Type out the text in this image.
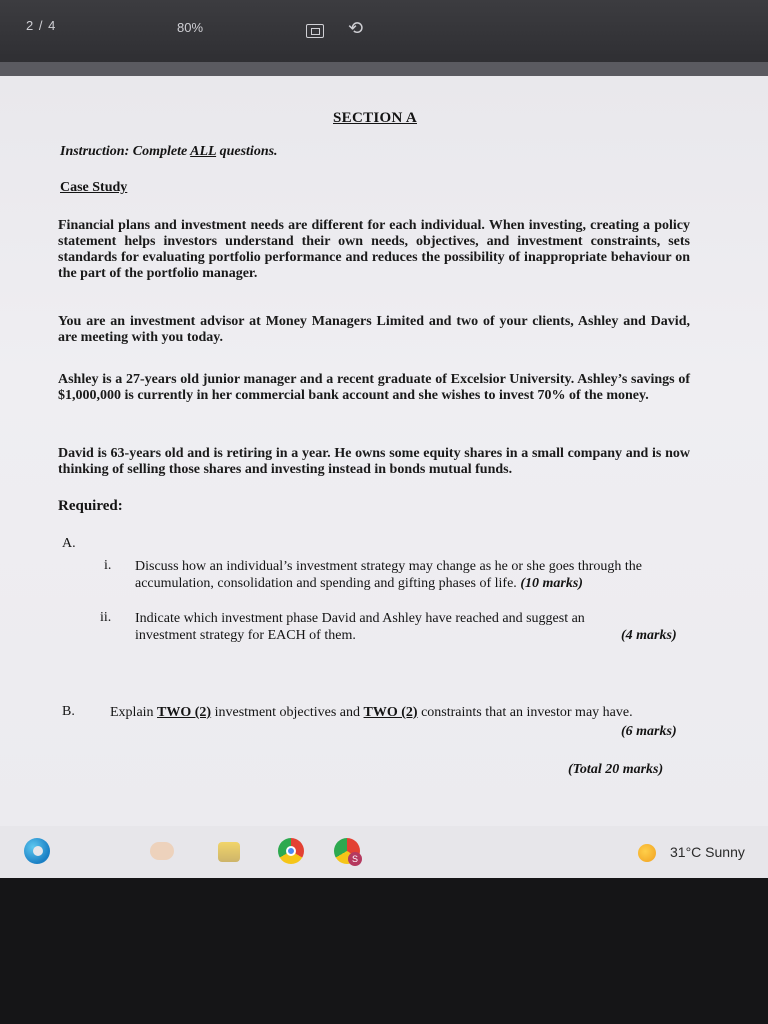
2 / 4	80%	⟲
SECTION A
Instruction: Complete ALL questions.
Case Study
Financial plans and investment needs are different for each individual. When investing, creating a policy statement helps investors understand their own needs, objectives, and investment constraints, sets standards for evaluating portfolio performance and reduces the possibility of inappropriate behaviour on the part of the portfolio manager.
You are an investment advisor at Money Managers Limited and two of your clients, Ashley and David, are meeting with you today.
Ashley is a 27-years old junior manager and a recent graduate of Excelsior University. Ashley’s savings of $1,000,000 is currently in her commercial bank account and she wishes to invest 70% of the money.
David is 63-years old and is retiring in a year. He owns some equity shares in a small company and is now thinking of selling those shares and investing instead in bonds mutual funds.
Required:
A.
i. Discuss how an individual’s investment strategy may change as he or she goes through the accumulation, consolidation and spending and gifting phases of life. (10 marks)
ii. Indicate which investment phase David and Ashley have reached and suggest an investment strategy for EACH of them.	(4 marks)
B.	Explain TWO (2) investment objectives and TWO (2) constraints that an investor may have.
(6 marks)
(Total 20 marks)
S	31°C Sunny
